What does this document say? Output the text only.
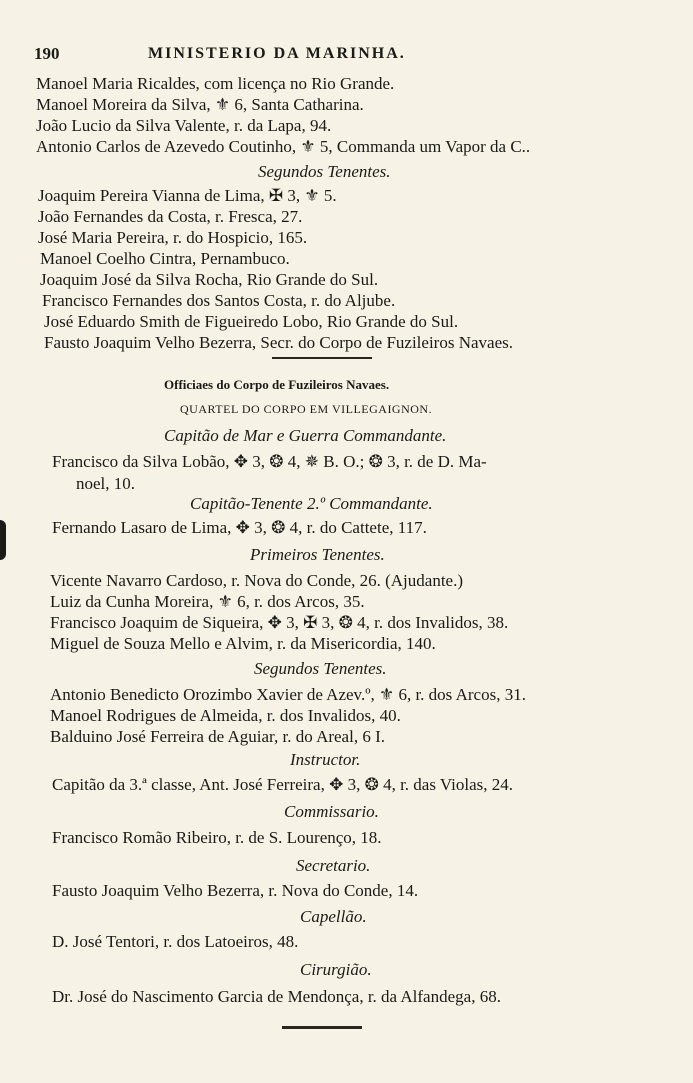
190	MINISTERIO DA MARINHA.
Manoel Maria Ricaldes, com licença no Rio Grande.
Manoel Moreira da Silva, ⚜ 6, Santa Catharina.
João Lucio da Silva Valente, r. da Lapa, 94.
Antonio Carlos de Azevedo Coutinho, ⚜ 5, Commanda um Vapor da C..
Segundos Tenentes.
Joaquim Pereira Vianna de Lima, ✠ 3, ⚜ 5.
João Fernandes da Costa, r. Fresca, 27.
José Maria Pereira, r. do Hospicio, 165.
Manoel Coelho Cintra, Pernambuco.
Joaquim José da Silva Rocha, Rio Grande do Sul.
Francisco Fernandes dos Santos Costa, r. do Aljube.
José Eduardo Smith de Figueiredo Lobo, Rio Grande do Sul.
Fausto Joaquim Velho Bezerra, Secr. do Corpo de Fuzileiros Navaes.
Officiaes do Corpo de Fuzileiros Navaes.
QUARTEL DO CORPO EM VILLEGAIGNON.
Capitão de Mar e Guerra Commandante.
Francisco da Silva Lobão, ✥ 3, ❂ 4, ✵ B. O.; ❂ 3, r. de D. Ma-
noel, 10.
Capitão-Tenente 2.º Commandante.
Fernando Lasaro de Lima, ✥ 3, ❂ 4, r. do Cattete, 117.
Primeiros Tenentes.
Vicente Navarro Cardoso, r. Nova do Conde, 26. (Ajudante.)
Luiz da Cunha Moreira, ⚜ 6, r. dos Arcos, 35.
Francisco Joaquim de Siqueira, ✥ 3, ✠ 3, ❂ 4, r. dos Invalidos, 38.
Miguel de Souza Mello e Alvim, r. da Misericordia, 140.
Segundos Tenentes.
Antonio Benedicto Orozimbo Xavier de Azev.º, ⚜ 6, r. dos Arcos, 31.
Manoel Rodrigues de Almeida, r. dos Invalidos, 40.
Balduino José Ferreira de Aguiar, r. do Areal, 6 I.
Instructor.
Capitão da 3.ª classe, Ant. José Ferreira, ✥ 3, ❂ 4, r. das Violas, 24.
Commissario.
Francisco Romão Ribeiro, r. de S. Lourenço, 18.
Secretario.
Fausto Joaquim Velho Bezerra, r. Nova do Conde, 14.
Capellão.
D. José Tentori, r. dos Latoeiros, 48.
Cirurgião.
Dr. José do Nascimento Garcia de Mendonça, r. da Alfandega, 68.
